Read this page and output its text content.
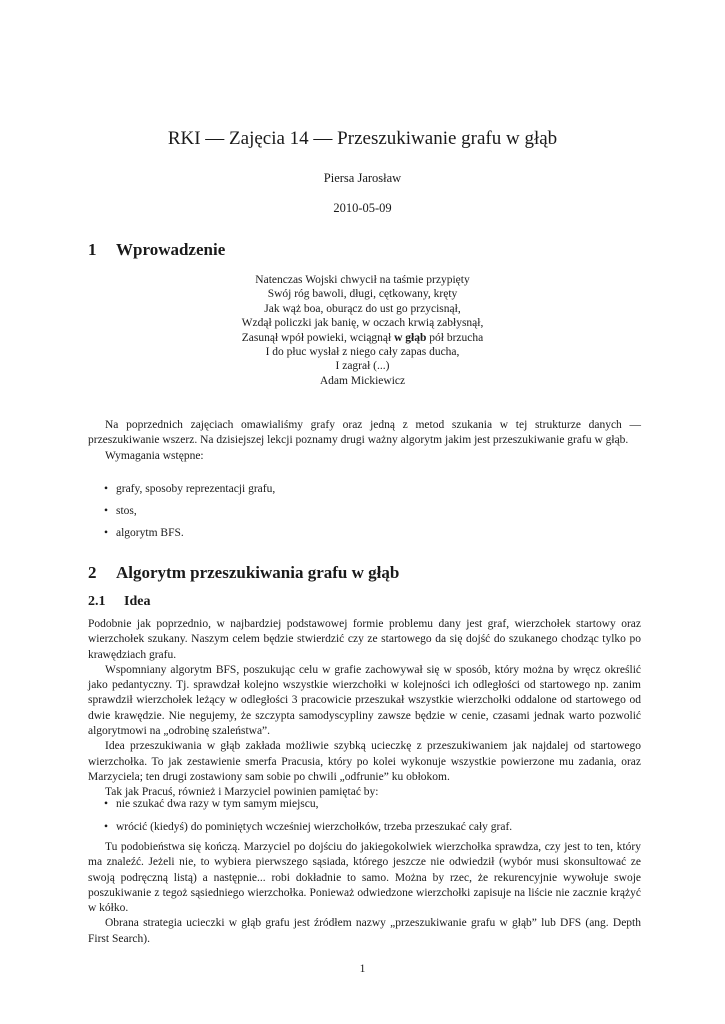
RKI — Zajęcia 14 — Przeszukiwanie grafu w głąb
Piersa Jarosław
2010-05-09
1 Wprowadzenie
Natenczas Wojski chwycił na taśmie przypięty
Swój róg bawoli, długi, cętkowany, kręty
Jak wąż boa, oburącz do ust go przycisnął,
Wzdął policzki jak banię, w oczach krwią zabłysnął,
Zasunął wpół powieki, wciągnął w głąb pół brzucha
I do płuc wysłał z niego cały zapas ducha,
I zagrał (...)
Adam Mickiewicz

Na poprzednich zajęciach omawialiśmy grafy oraz jedną z metod szukania w tej strukturze danych — przeszukiwanie wszerz. Na dzisiejszej lekcji poznamy drugi ważny algorytm jakim jest przeszukiwanie grafu w głąb.

Wymagania wstępne:

• grafy, sposoby reprezentacji grafu,
• stos,
• algorytm BFS.
2 Algorytm przeszukiwania grafu w głąb
2.1 Idea

Podobnie jak poprzednio, w najbardziej podstawowej formie problemu dany jest graf, wierzchołek startowy oraz wierzchołek szukany. Naszym celem będzie stwierdzić czy ze startowego da się dojść do szukanego chodząc tylko po krawędziach grafu.

Wspomniany algorytm BFS, poszukując celu w grafie zachowywał się w sposób, który można by wręcz określić jako pedantyczny. Tj. sprawdzał kolejno wszystkie wierzchołki w kolejności ich odległości od startowego np. zanim sprawdził wierzchołek leżący w odległości 3 pracowicie przeszukał wszystkie wierzchołki oddalone od startowego od dwie krawędzie. Nie negujemy, że szczypta samodyscypliny zawsze będzie w cenie, czasami jednak warto pozwolić algorytmowi na „odrobinę szaleństwa”.

Idea przeszukiwania w głąb zakłada możliwie szybką ucieczkę z przeszukiwaniem jak najdalej od startowego wierzchołka. To jak zestawienie smerfa Pracusia, który po kolei wykonuje wszystkie powierzone mu zadania, oraz Marzyciela; ten drugi zostawiony sam sobie po chwili „odfrunie” ku obłokom.

Tak jak Pracuś, również i Marzyciel powinien pamiętać by:

• nie szukać dwa razy w tym samym miejscu,
• wrócić (kiedyś) do pominiętych wcześniej wierzchołków, trzeba przeszukać cały graf.

Tu podobieństwa się kończą. Marzyciel po dojściu do jakiegokolwiek wierzchołka sprawdza, czy jest to ten, który ma znaleźć. Jeżeli nie, to wybiera pierwszego sąsiada, którego jeszcze nie odwiedził (wybór musi skonsultować ze swoją podręczną listą) a następnie... robi dokładnie to samo. Można by rzec, że rekurencyjnie wywołuje swoje poszukiwanie z tegoż sąsiedniego wierzchołka. Ponieważ odwiedzone wierzchołki zapisuje na liście nie zacznie krążyć w kółko.

Obrana strategia ucieczki w głąb grafu jest źródłem nazwy „przeszukiwanie grafu w głąb” lub DFS (ang. Depth First Search).

1
